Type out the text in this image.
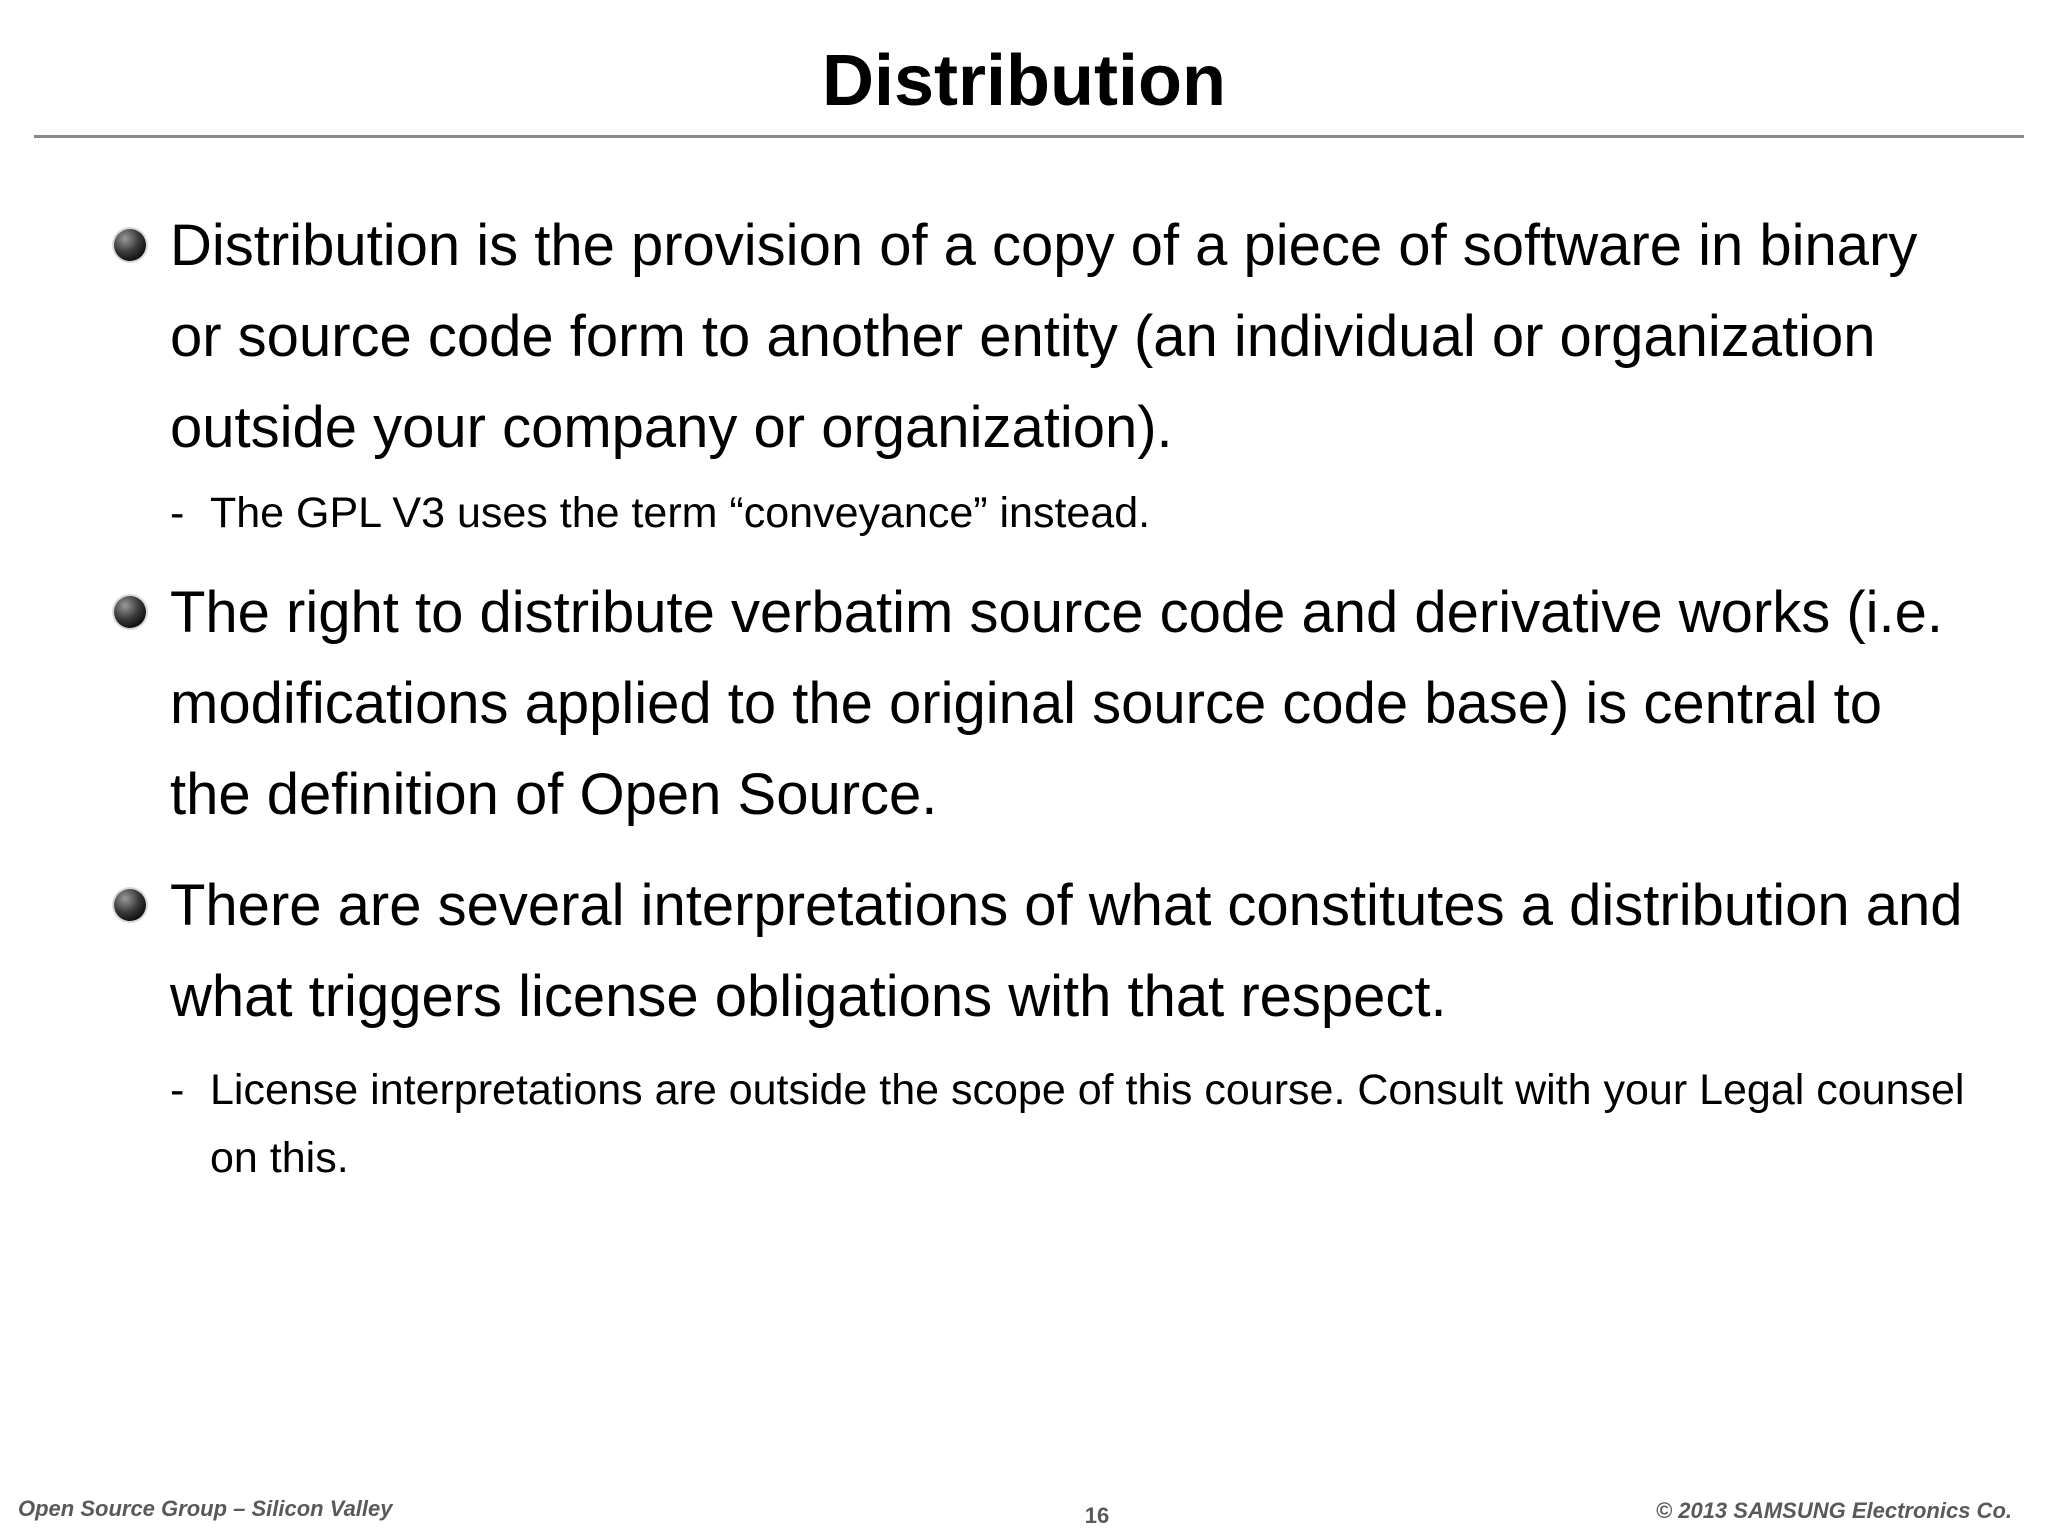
Distribution

Distribution is the provision of a copy of a piece of software in binary or source code form to another entity (an individual or organization outside your company or organization).

- The GPL V3 uses the term “conveyance” instead.

The right to distribute verbatim source code and derivative works (i.e. modifications applied to the original source code base) is central to the definition of Open Source.

There are several interpretations of what constitutes a distribution and what triggers license obligations with that respect.

- License interpretations are outside the scope of this course. Consult with your Legal counsel on this.

Open Source Group – Silicon Valley	16	© 2013 SAMSUNG Electronics Co.
